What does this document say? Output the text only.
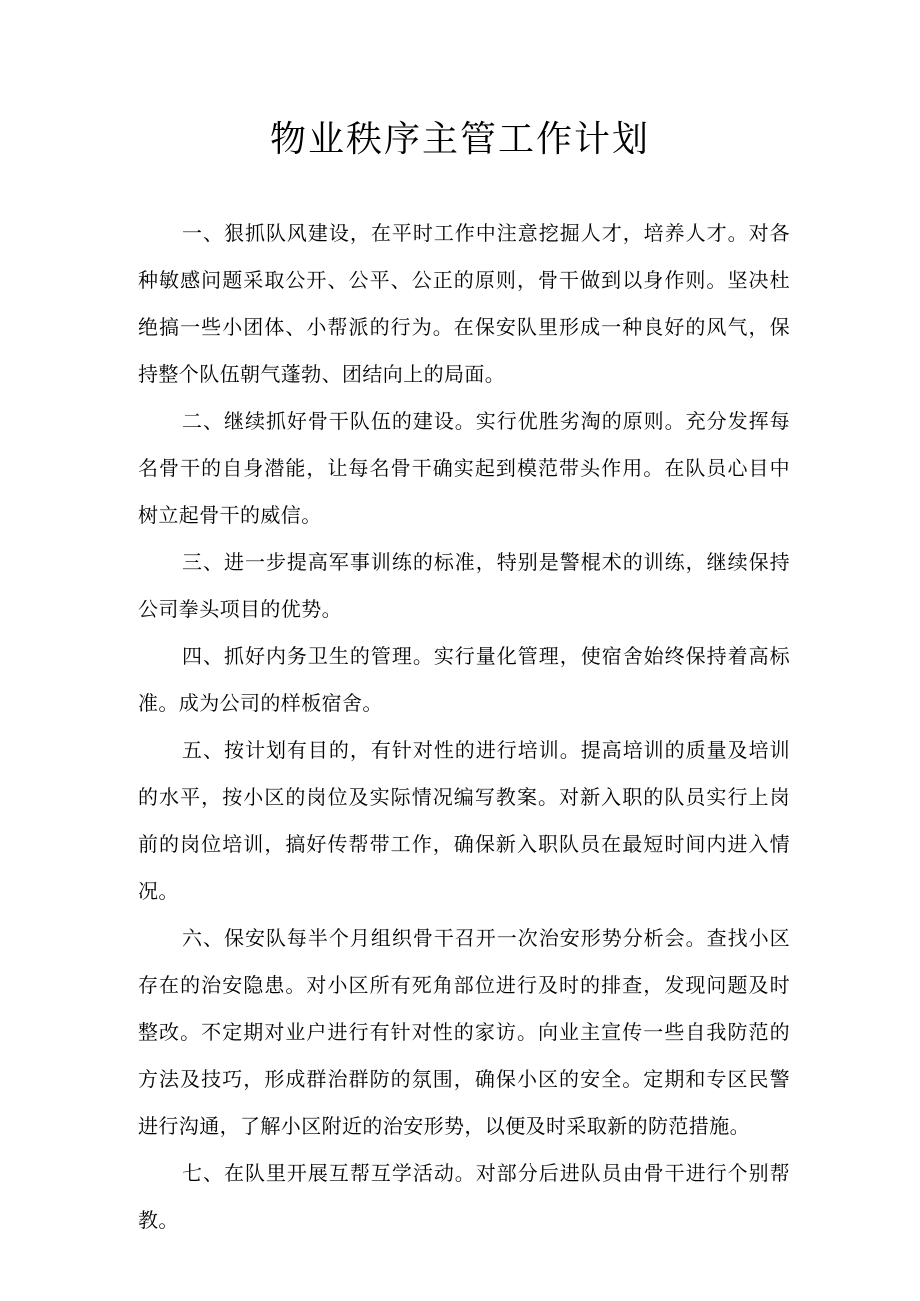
物业秩序主管工作计划

一、狠抓队风建设，在平时工作中注意挖掘人才，培养人才。对各种敏感问题采取公开、公平、公正的原则，骨干做到以身作则。坚决杜绝搞一些小团体、小帮派的行为。在保安队里形成一种良好的风气，保持整个队伍朝气蓬勃、团结向上的局面。

二、继续抓好骨干队伍的建设。实行优胜劣淘的原则。充分发挥每名骨干的自身潜能，让每名骨干确实起到模范带头作用。在队员心目中树立起骨干的威信。

三、进一步提高军事训练的标准，特别是警棍术的训练，继续保持公司拳头项目的优势。

四、抓好内务卫生的管理。实行量化管理，使宿舍始终保持着高标准。成为公司的样板宿舍。

五、按计划有目的，有针对性的进行培训。提高培训的质量及培训的水平，按小区的岗位及实际情况编写教案。对新入职的队员实行上岗前的岗位培训，搞好传帮带工作，确保新入职队员在最短时间内进入情况。

六、保安队每半个月组织骨干召开一次治安形势分析会。查找小区存在的治安隐患。对小区所有死角部位进行及时的排查，发现问题及时整改。不定期对业户进行有针对性的家访。向业主宣传一些自我防范的方法及技巧，形成群治群防的氛围，确保小区的安全。定期和专区民警进行沟通，了解小区附近的治安形势，以便及时采取新的防范措施。

七、在队里开展互帮互学活动。对部分后进队员由骨干进行个别帮教。
